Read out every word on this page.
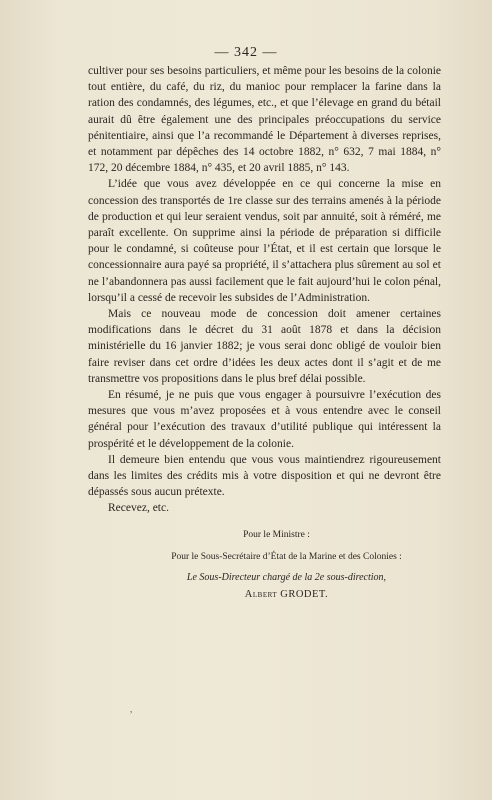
— 342 —

cultiver pour ses besoins particuliers, et même pour les besoins de la colonie tout entière, du café, du riz, du manioc pour remplacer la farine dans la ration des condamnés, des légumes, etc., et que l’élevage en grand du bétail aurait dû être également une des principales préoccupations du service pénitentiaire, ainsi que l’a recommandé le Département à diverses reprises, et notamment par dépêches des 14 octobre 1882, n° 632, 7 mai 1884, n° 172, 20 décembre 1884, n° 435, et 20 avril 1885, n° 143.

L’idée que vous avez développée en ce qui concerne la mise en concession des transportés de 1re classe sur des terrains amenés à la période de production et qui leur seraient vendus, soit par annuité, soit à réméré, me paraît excellente. On supprime ainsi la période de préparation si difficile pour le condamné, si coûteuse pour l’État, et il est certain que lorsque le concessionnaire aura payé sa propriété, il s’attachera plus sûrement au sol et ne l’abandonnera pas aussi facilement que le fait aujourd’hui le colon pénal, lorsqu’il a cessé de recevoir les subsides de l’Administration.

Mais ce nouveau mode de concession doit amener certaines modifications dans le décret du 31 août 1878 et dans la décision ministérielle du 16 janvier 1882; je vous serai donc obligé de vouloir bien faire reviser dans cet ordre d’idées les deux actes dont il s’agit et de me transmettre vos propositions dans le plus bref délai possible.

En résumé, je ne puis que vous engager à poursuivre l’exécution des mesures que vous m’avez proposées et à vous entendre avec le conseil général pour l’exécution des travaux d’utilité publique qui intéressent la prospérité et le développement de la colonie.

Il demeure bien entendu que vous vous maintiendrez rigoureusement dans les limites des crédits mis à votre disposition et qui ne devront être dépassés sous aucun prétexte.

Recevez, etc.

Pour le Ministre :
Pour le Sous-Secrétaire d’État de la Marine et des Colonies :
Le Sous-Directeur chargé de la 2e sous-direction,
Albert GRODET.
,
